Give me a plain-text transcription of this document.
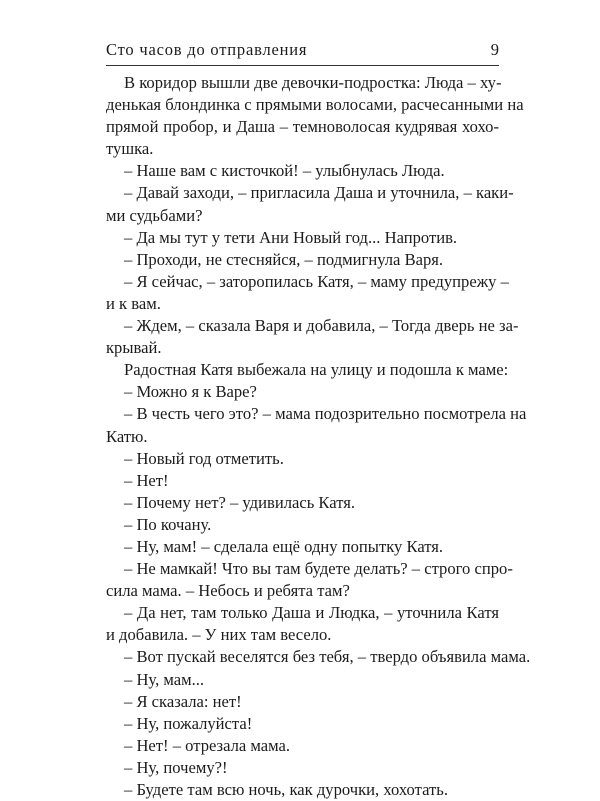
Сто часов до отправления	9
В коридор вышли две девочки-подростка: Люда – ху-
денькая блондинка с прямыми волосами, расчесанными на
прямой пробор, и Даша – темноволосая кудрявая хохо-
тушка.
– Наше вам с кисточкой! – улыбнулась Люда.
– Давай заходи, – пригласила Даша и уточнила, – каки-
ми судьбами?
– Да мы тут у тети Ани Новый год... Напротив.
– Проходи, не стесняйся, – подмигнула Варя.
– Я сейчас, – заторопилась Катя, – маму предупрежу –
и к вам.
– Ждем, – сказала Варя и добавила, – Тогда дверь не за-
крывай.
Радостная Катя выбежала на улицу и подошла к маме:
– Можно я к Варе?
– В честь чего это? – мама подозрительно посмотрела на
Катю.
– Новый год отметить.
– Нет!
– Почему нет? – удивилась Катя.
– По кочану.
– Ну, мам! – сделала ещё одну попытку Катя.
– Не мамкай! Что вы там будете делать? – строго спро-
сила мама. – Небось и ребята там?
– Да нет, там только Даша и Людка, – уточнила Катя
и добавила. – У них там весело.
– Вот пускай веселятся без тебя, – твердо объявила мама.
– Ну, мам...
– Я сказала: нет!
– Ну, пожалуйста!
– Нет! – отрезала мама.
– Ну, почему?!
– Будете там всю ночь, как дурочки, хохотать.
